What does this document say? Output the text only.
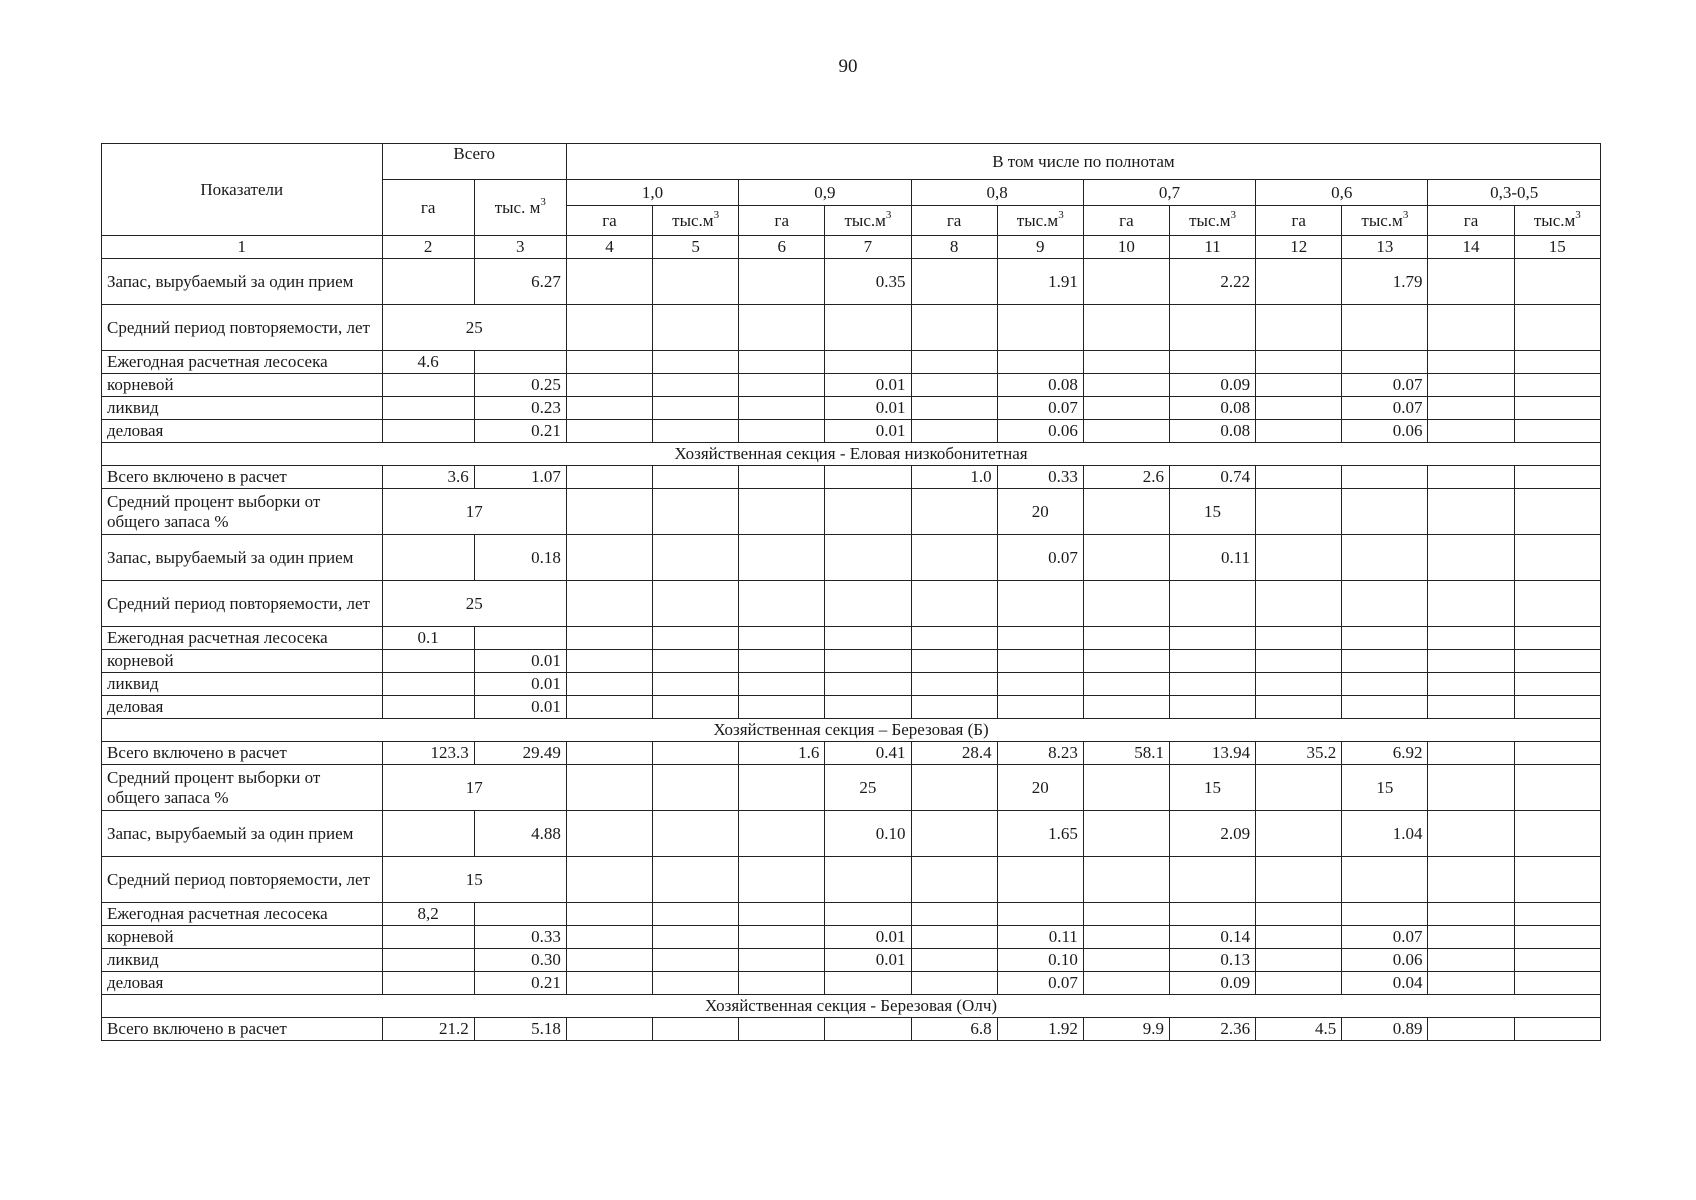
90
Показатели	Всего		В том числе по полнотам											
	га	тыс. $м^3$	1,0		0,9		0,8		0,7		0,6		0,3-0,5	
			га	$тыс.м^3$	га	$тыс.м^3$	га	$тыс.м^3$	га	$тыс.м^3$	га	$тыс.м^3$	га	$тыс.м^3$
1	2	3	4	5	6	7	8	9	10	11	12	13	14	15
Запас, вырубаемый за один прием		6.27				0.35		1.91		2.22		1.79		
Средний период повторяемости, лет	25													
Ежегодная расчетная лесосека	4.6													
корневой		0.25				0.01		0.08		0.09		0.07		
ликвид		0.23				0.01		0.07		0.08		0.07		
деловая		0.21				0.01		0.06		0.08		0.06		
Хозяйственная секция - Еловая низкобонитетная														
Всего включено в расчет	3.6	1.07					1.0	0.33	2.6	0.74				
Средний процент выборки от общего запаса %	17							20		15				
Запас, вырубаемый за один прием		0.18						0.07		0.11				
Средний период повторяемости, лет	25													
Ежегодная расчетная лесосека	0.1													
корневой		0.01												
ликвид		0.01												
деловая		0.01												
Хозяйственная секция – Березовая (Б)														
Всего включено в расчет	123.3	29.49			1.6	0.41	28.4	8.23	58.1	13.94	35.2	6.92		
Средний процент выборки от общего запаса %	17					25		20		15		15		
Запас, вырубаемый за один прием		4.88				0.10		1.65		2.09		1.04		
Средний период повторяемости, лет	15													
Ежегодная расчетная лесосека	8,2													
корневой		0.33				0.01		0.11		0.14		0.07		
ликвид		0.30				0.01		0.10		0.13		0.06		
деловая		0.21						0.07		0.09		0.04		
Хозяйственная секция - Березовая (Олч)														
Всего включено в расчет	21.2	5.18					6.8	1.92	9.9	2.36	4.5	0.89		
